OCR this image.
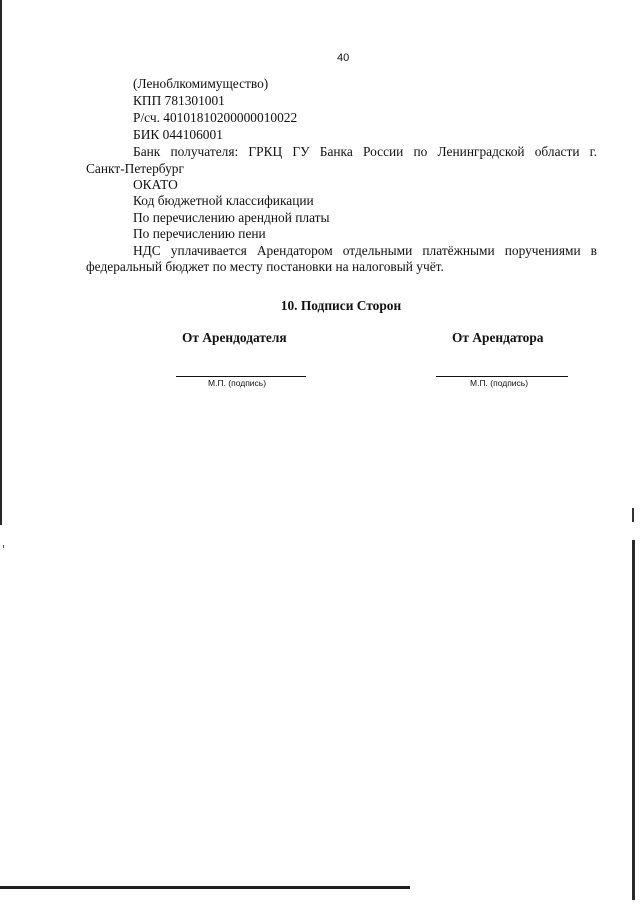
40
(Леноблкомимущество)
КПП 781301001
Р/сч. 40101810200000010022
БИК 044106001
Банк получателя: ГРКЦ ГУ Банка России по Ленинградской области г.
Санкт-Петербург
ОКАТО
Код бюджетной классификации
По перечислению арендной платы
По перечислению пени
НДС уплачивается Арендатором отдельными платёжными поручениями в
федеральный бюджет по месту постановки на налоговый учёт.
10. Подписи Сторон
От Арендодателя	От Арендатора
М.П. (подпись)	М.П. (подпись)
